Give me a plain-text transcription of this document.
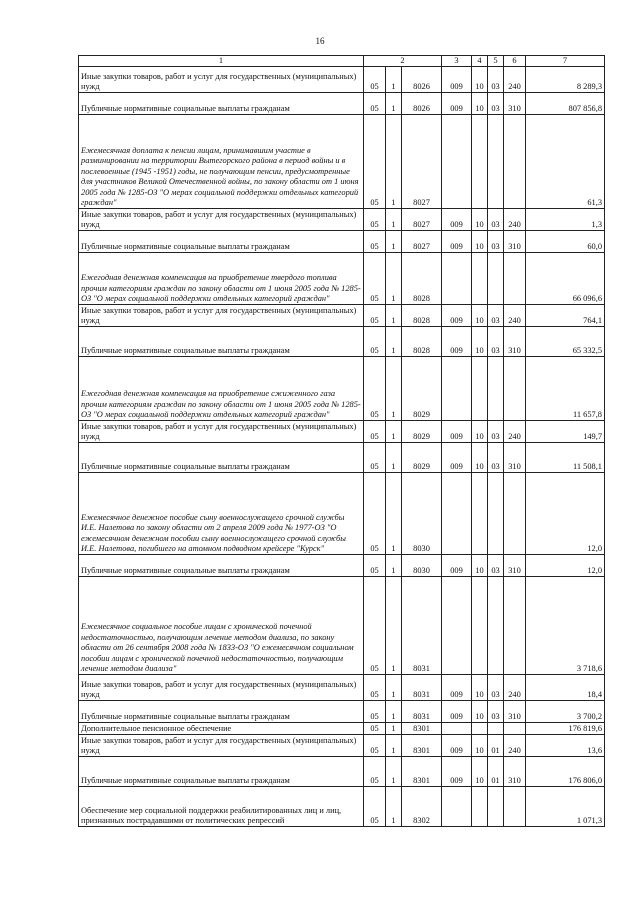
16
1	2			3	4	5	6	7
Иные закупки товаров, работ и услуг для государственных (муниципальных) нужд	05	1	8026	009	10	03	240	8 289,3
Публичные нормативные социальные выплаты гражданам	05	1	8026	009	10	03	310	807 856,8
Ежемесячная доплата к пенсии лицам, принимавшим участие в разминировании на территории Вытегорского района в период войны и в послевоенные (1945 -1951) годы, не получающим пенсии, предусмотренные для участников Великой Отечественной войны, по закону области от 1 июня 2005 года № 1285-ОЗ "О мерах социальной поддержки отдельных категорий граждан"	05	1	8027					61,3
Иные закупки товаров, работ и услуг для государственных (муниципальных) нужд	05	1	8027	009	10	03	240	1,3
Публичные нормативные социальные выплаты гражданам	05	1	8027	009	10	03	310	60,0
Ежегодная денежная компенсация на приобретение твердого топлива прочим категориям граждан по закону области от 1 июня 2005 года № 1285-ОЗ "О мерах социальной поддержки отдельных категорий граждан"	05	1	8028					66 096,6
Иные закупки товаров, работ и услуг для государственных (муниципальных) нужд	05	1	8028	009	10	03	240	764,1
Публичные нормативные социальные выплаты гражданам	05	1	8028	009	10	03	310	65 332,5
Ежегодная денежная компенсация на приобретение сжиженного газа прочим категориям граждан по закону области от 1 июня 2005 года № 1285-ОЗ "О мерах социальной поддержки отдельных категорий граждан"	05	1	8029					11 657,8
Иные закупки товаров, работ и услуг для государственных (муниципальных) нужд	05	1	8029	009	10	03	240	149,7
Публичные нормативные социальные выплаты гражданам	05	1	8029	009	10	03	310	11 508,1
Ежемесячное денежное пособие сыну военнослужащего срочной службы И.Е. Налетова по закону области от 2 апреля 2009 года № 1977-ОЗ "О ежемесячном денежном пособии сыну военнослужащего срочной службы И.Е. Налетова, погибшего на атомном подводном крейсере "Курск"	05	1	8030					12,0
Публичные нормативные социальные выплаты гражданам	05	1	8030	009	10	03	310	12,0
Ежемесячное социальное пособие лицам с хронической почечной недостаточностью, получающим лечение методом диализа, по закону области от 26 сентября 2008 года № 1833-ОЗ "О ежемесячном социальном пособии лицам с хронической почечной недостаточностью, получающим лечение методом диализа"	05	1	8031					3 718,6
Иные закупки товаров, работ и услуг для государственных (муниципальных) нужд	05	1	8031	009	10	03	240	18,4
Публичные нормативные социальные выплаты гражданам	05	1	8031	009	10	03	310	3 700,2
Дополнительное пенсионное обеспечение	05	1	8301					176 819,6
Иные закупки товаров, работ и услуг для государственных (муниципальных) нужд	05	1	8301	009	10	01	240	13,6
Публичные нормативные социальные выплаты гражданам	05	1	8301	009	10	01	310	176 806,0
Обеспечение мер социальной поддержки реабилитированных лиц и лиц, признанных пострадавшими от политических репрессий	05	1	8302					1 071,3
